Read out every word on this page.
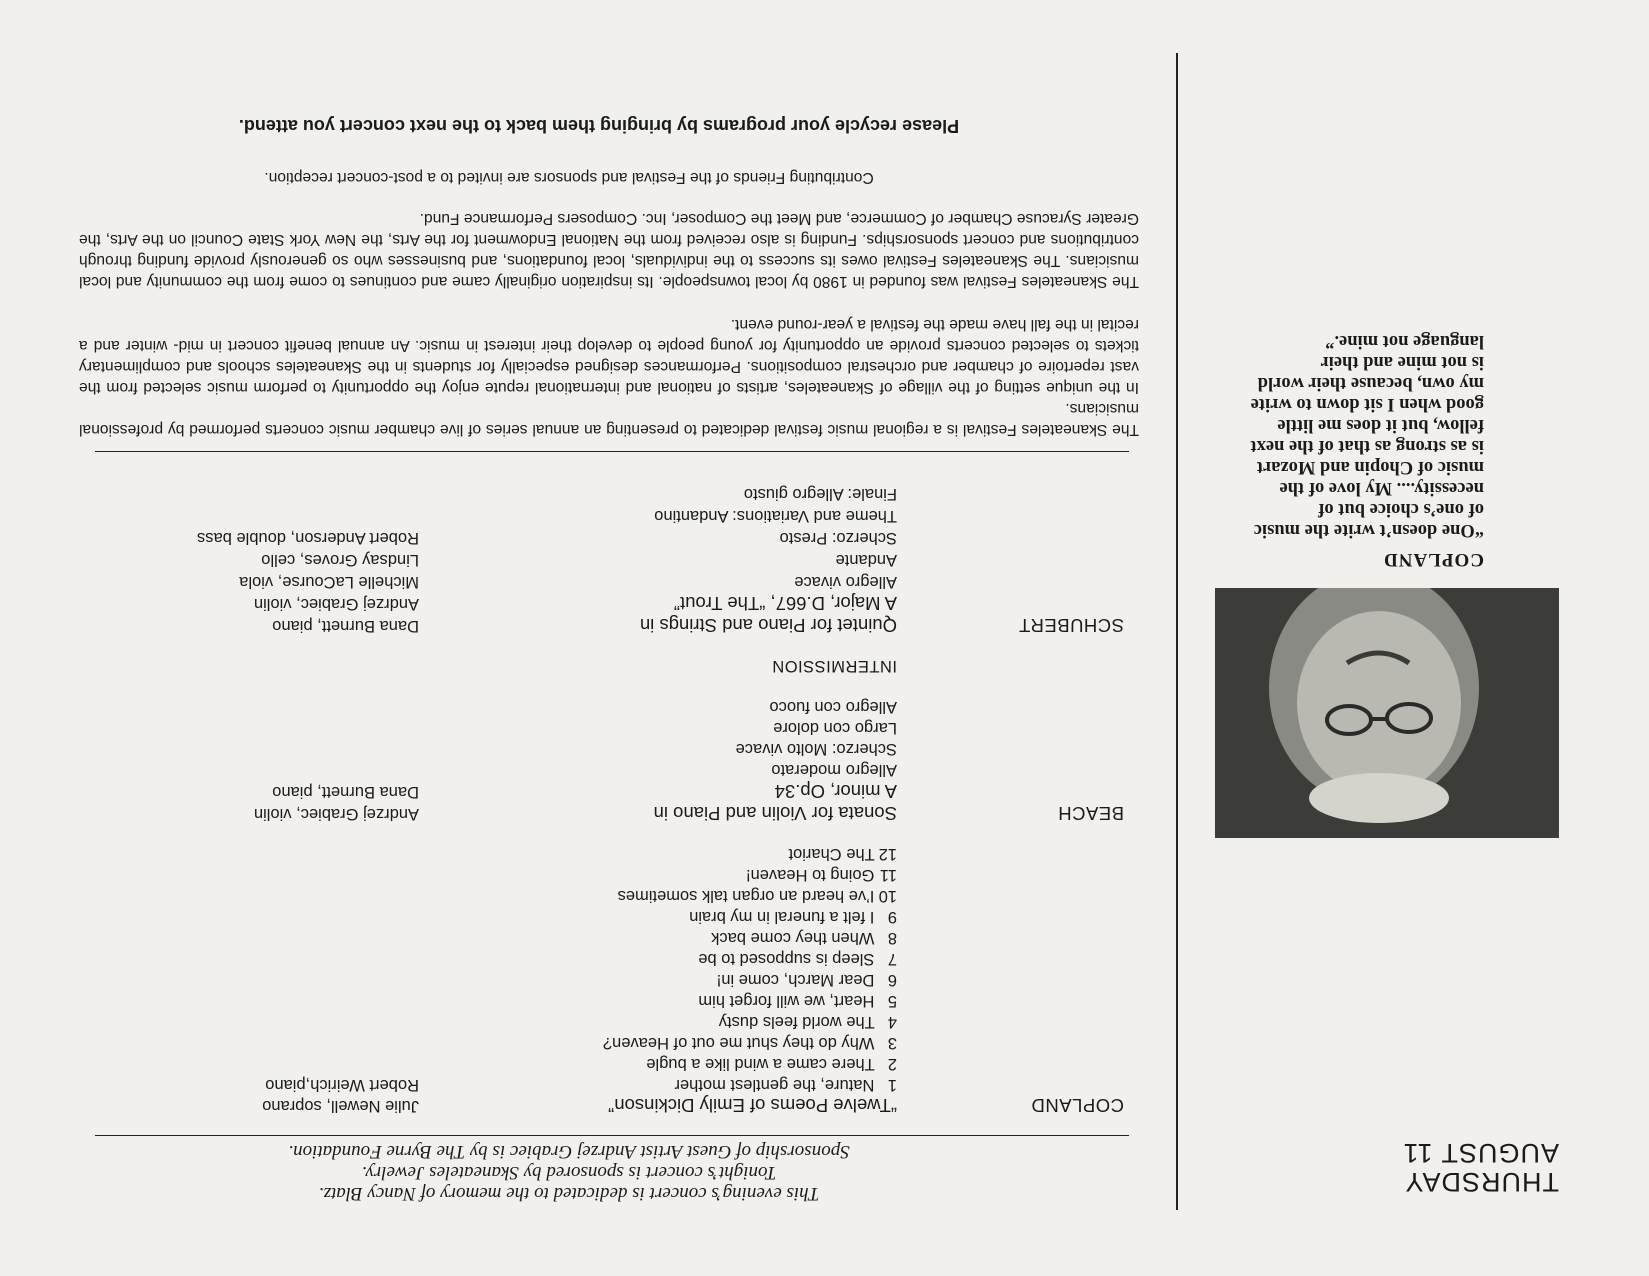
THURSDAY
AUGUST 11
COPLAND
“One doesn’t write the music
of one’s choice but of
necessity.... My love of the
music of Chopin and Mozart
is as strong as that of the next
fellow, but it does me little
good when I sit down to write
my own, because their world
is not mine and their
language not mine.”
This evening’s concert is dedicated to the memory of Nancy Blatz.
Tonight’s concert is sponsored by Skaneateles Jewelry.
Sponsorship of Guest Artist Andrzej Grabiec is by The Byrne Foundation.
COPLAND
“Twelve Poems of Emily Dickinson”
Julie Newell, soprano
Robert Weirich,piano	1 Nature, the gentlest mother
2 There came a wind like a bugle
3 Why do they shut me out of Heaven?
4 The world feels dusty
5 Heart, we will forget him
6 Dear March, come in!
7 Sleep is supposed to be
8 When they come back
9 I felt a funeral in my brain
10 I’ve heard an organ talk sometimes
11 Going to Heaven!
12 The Chariot
BEACH
Sonata for Violin and Piano in
A minor, Op.34
Andrzej Grabiec, violin
Dana Burnett, piano
Allegro moderato
Scherzo: Molto vivace
Largo con dolore
Allegro con fuoco
INTERMISSION
SCHUBERT
Quintet for Piano and Strings in
A Major, D.667, “The Trout”
Dana Burnett, piano
Andrzej Grabiec, violin
Michelle LaCourse, viola
Lindsay Groves, cello
Robert Anderson, double bass
Allegro vivace
Andante
Scherzo: Presto
Theme and Variations: Andantino
Finale: Allegro giusto
The Skaneateles Festival is a regional music festival dedicated to presenting an annual series of live chamber music concerts performed by professional musicians.
In the unique setting of the village of Skaneateles, artists of national and international repute enjoy the opportunity to perform music selected from the vast repertoire of chamber and orchestral compositions. Performances designed especially for students in the Skaneateles schools and complimentary tickets to selected concerts provide an opportunity for young people to develop their interest in music. An annual benefit concert in mid- winter and a recital in the fall have made the festival a year-round event.
The Skaneateles Festival was founded in 1980 by local townspeople. Its inspiration originally came and continues to come from the community and local musicians. The Skaneateles Festival owes its success to the individuals, local foundations, and businesses who so generously provide funding through contributions and concert sponsorships. Funding is also received from the National Endowment for the Arts, the New York State Council on the Arts, the Greater Syracuse Chamber of Commerce, and Meet the Composer, Inc. Composers Performance Fund.
Contributing Friends of the Festival and sponsors are invited to a post-concert reception.
Please recycle your programs by bringing them back to the next concert you attend.
